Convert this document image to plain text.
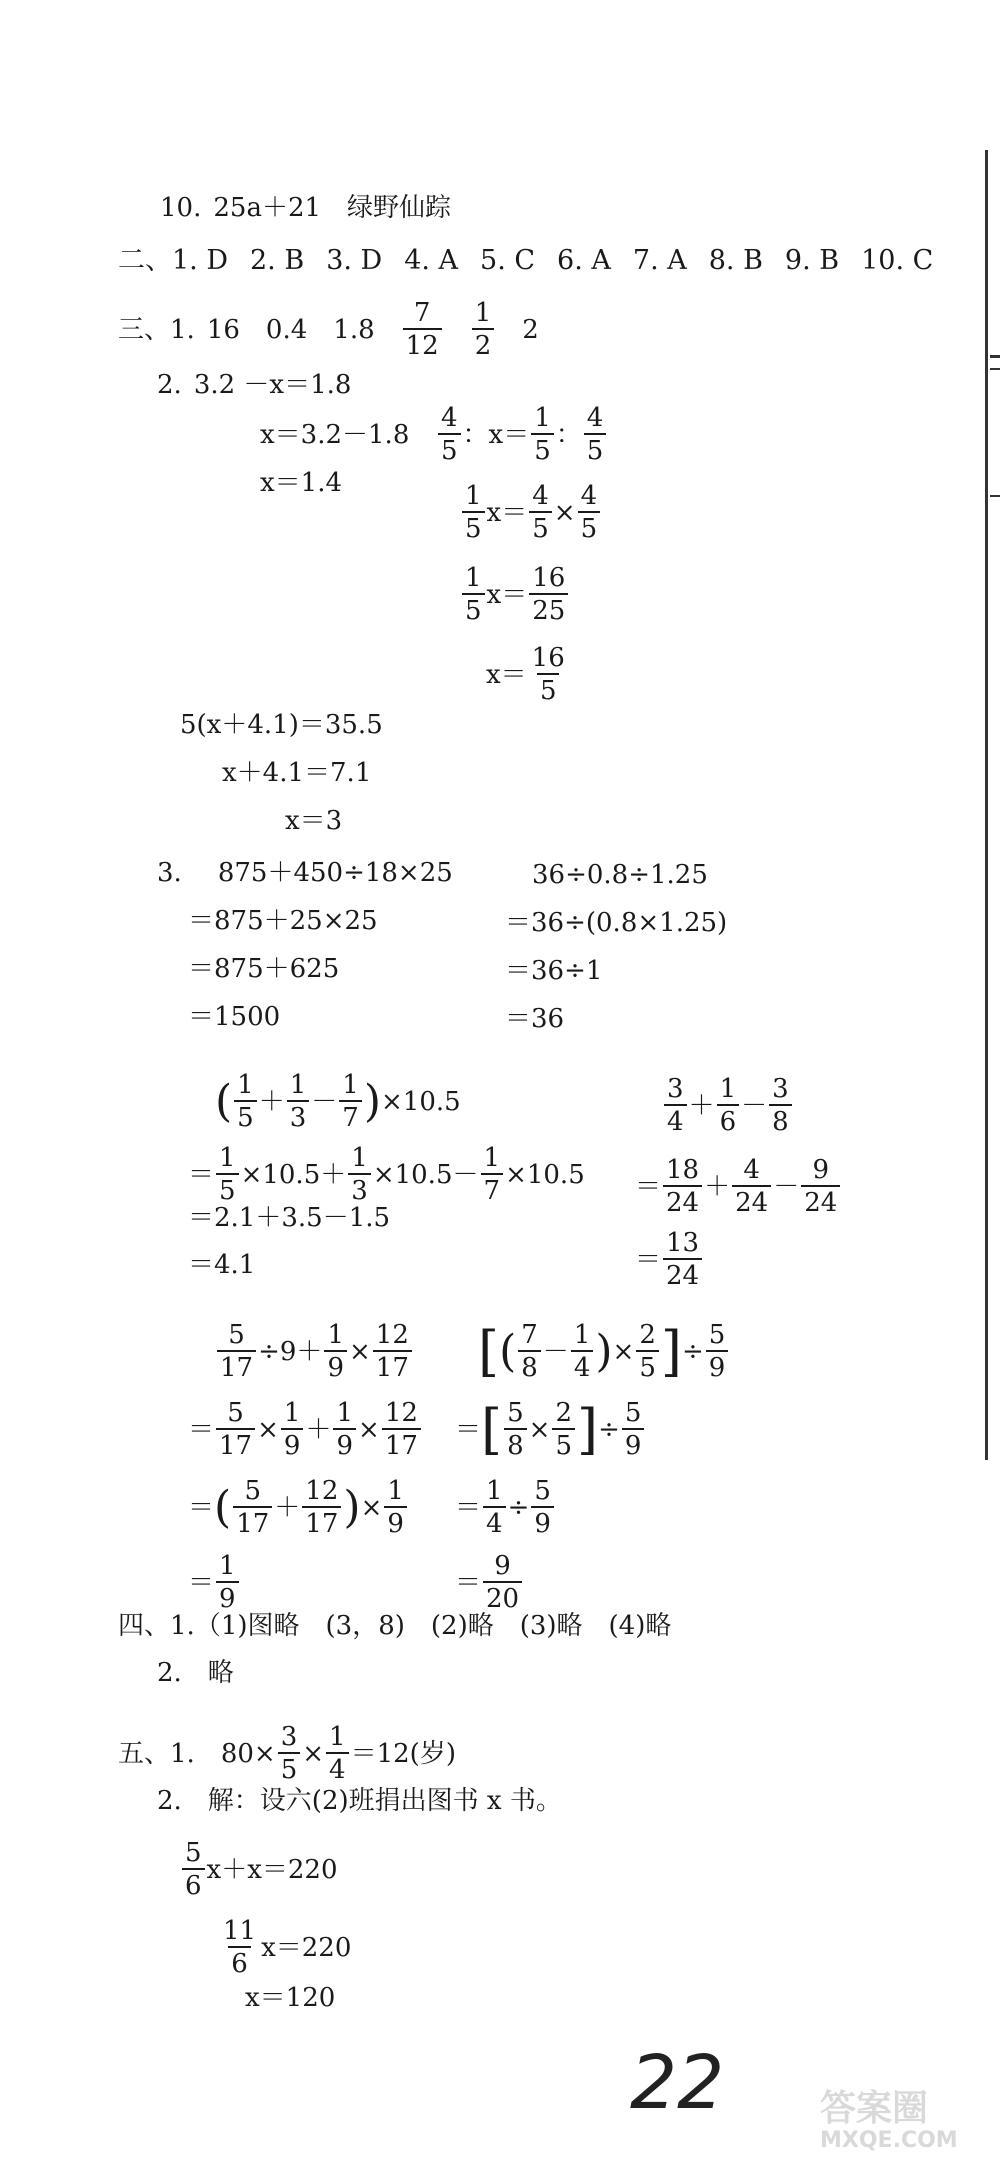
10. 25a＋21 绿野仙踪
二、 1. D 2. B 3. D 4. A 5. C 6. A 7. A 8. B 9. B 10. C
三、 1. 16 0.4 $1.8 \frac{7}{12} \frac{1}{2} 2$
2. 3.2 －x＝1.8
x＝3.2－1.8
x＝1.4
$\frac{4}{5}$ ：$x= \frac{1}{5}$ ： $\frac{4}{5}$
$\frac{1}{5} x= \frac{4}{5} \times \frac{4}{5}$
$\frac{1}{5} x= \frac{16}{25}$
$x= \frac{16}{5}$
5(x＋4.1)＝35.5
x＋4.1＝7.1
x＝3
3. 875＋450÷18×25
＝875＋25×25
＝875＋625
＝1500
36÷0.8÷1.25
＝36÷(0.8×1.25)
＝36÷1
＝36
( $\frac{1}{5} + \frac{1}{3} - \frac{1}{7}$ ) ×10.5
＝ $\frac{1}{5} \times 10.5 + \frac{1}{3} \times 10.5 - \frac{1}{7} \times 10.5$
＝2.1＋3.5－1.5
＝4.1
$\frac{3}{4} + \frac{1}{6} - \frac{3}{8}$
＝ $\frac{18}{24} + \frac{4}{24} - \frac{9}{24}$
＝ $\frac{13}{24}$
$\frac{5}{17} \div 9 + \frac{1}{9} \times \frac{12}{17}$
＝ $\frac{5}{17} \times \frac{1}{9} + \frac{1}{9} \times \frac{12}{17}$
＝ ( $\frac{5}{17} + \frac{12}{17}$ ) × $\frac{1}{9}$
＝ $\frac{1}{9}$
[ ( $\frac{7}{8} - \frac{1}{4}$ ) × $\frac{2}{5}$ ] ÷ $\frac{5}{9}$
＝ [ $\frac{5}{8} \times \frac{2}{5}$ ] ÷ $\frac{5}{9}$
＝ $\frac{1}{4} \div \frac{5}{9}$
＝ $\frac{9}{20}$
四、 1.（1)图略　(3，8)　(2)略　(3)略　(4)略
2.　略
五、 1.　$80\times \frac{3}{5} \times \frac{1}{4} =12$(岁)
2.　解：设六(2)班捐出图书 x 书。
$\frac{5}{6} x+x=220$
$\frac{11}{6} x=220$
x＝120
22	答案圈
MXQE.COM
